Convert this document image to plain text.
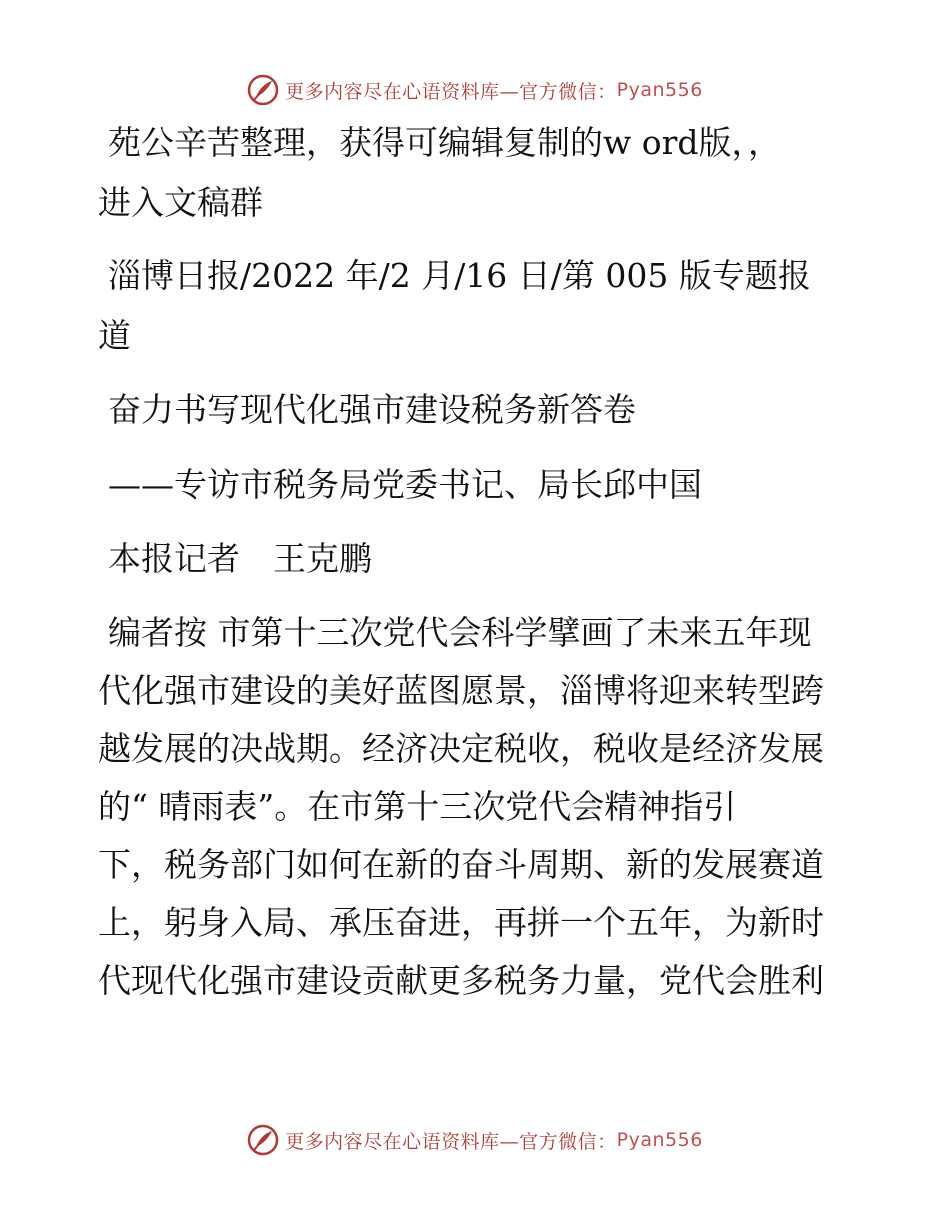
更多内容尽在心语资料库—官方微信： Pyan556
苑公辛苦整理，获得可编辑复制的w ord版，，
进入文稿群
淄博日报/2022 年/2 月/16 日/第 005 版专题报
道
奋力书写现代化强市建设税务新答卷
——专访市税务局党委书记、局长邱中国
本报记者　王克鹏
编者按 市第十三次党代会科学擘画了未来五年现
代化强市建设的美好蓝图愿景，淄博将迎来转型跨
越发展的决战期。经济决定税收，税收是经济发展
的“ 晴雨表”。在市第十三次党代会精神指引
下，税务部门如何在新的奋斗周期、新的发展赛道
上，躬身入局、承压奋进，再拼一个五年，为新时
代现代化强市建设贡献更多税务力量，党代会胜利
更多内容尽在心语资料库—官方微信： Pyan556
